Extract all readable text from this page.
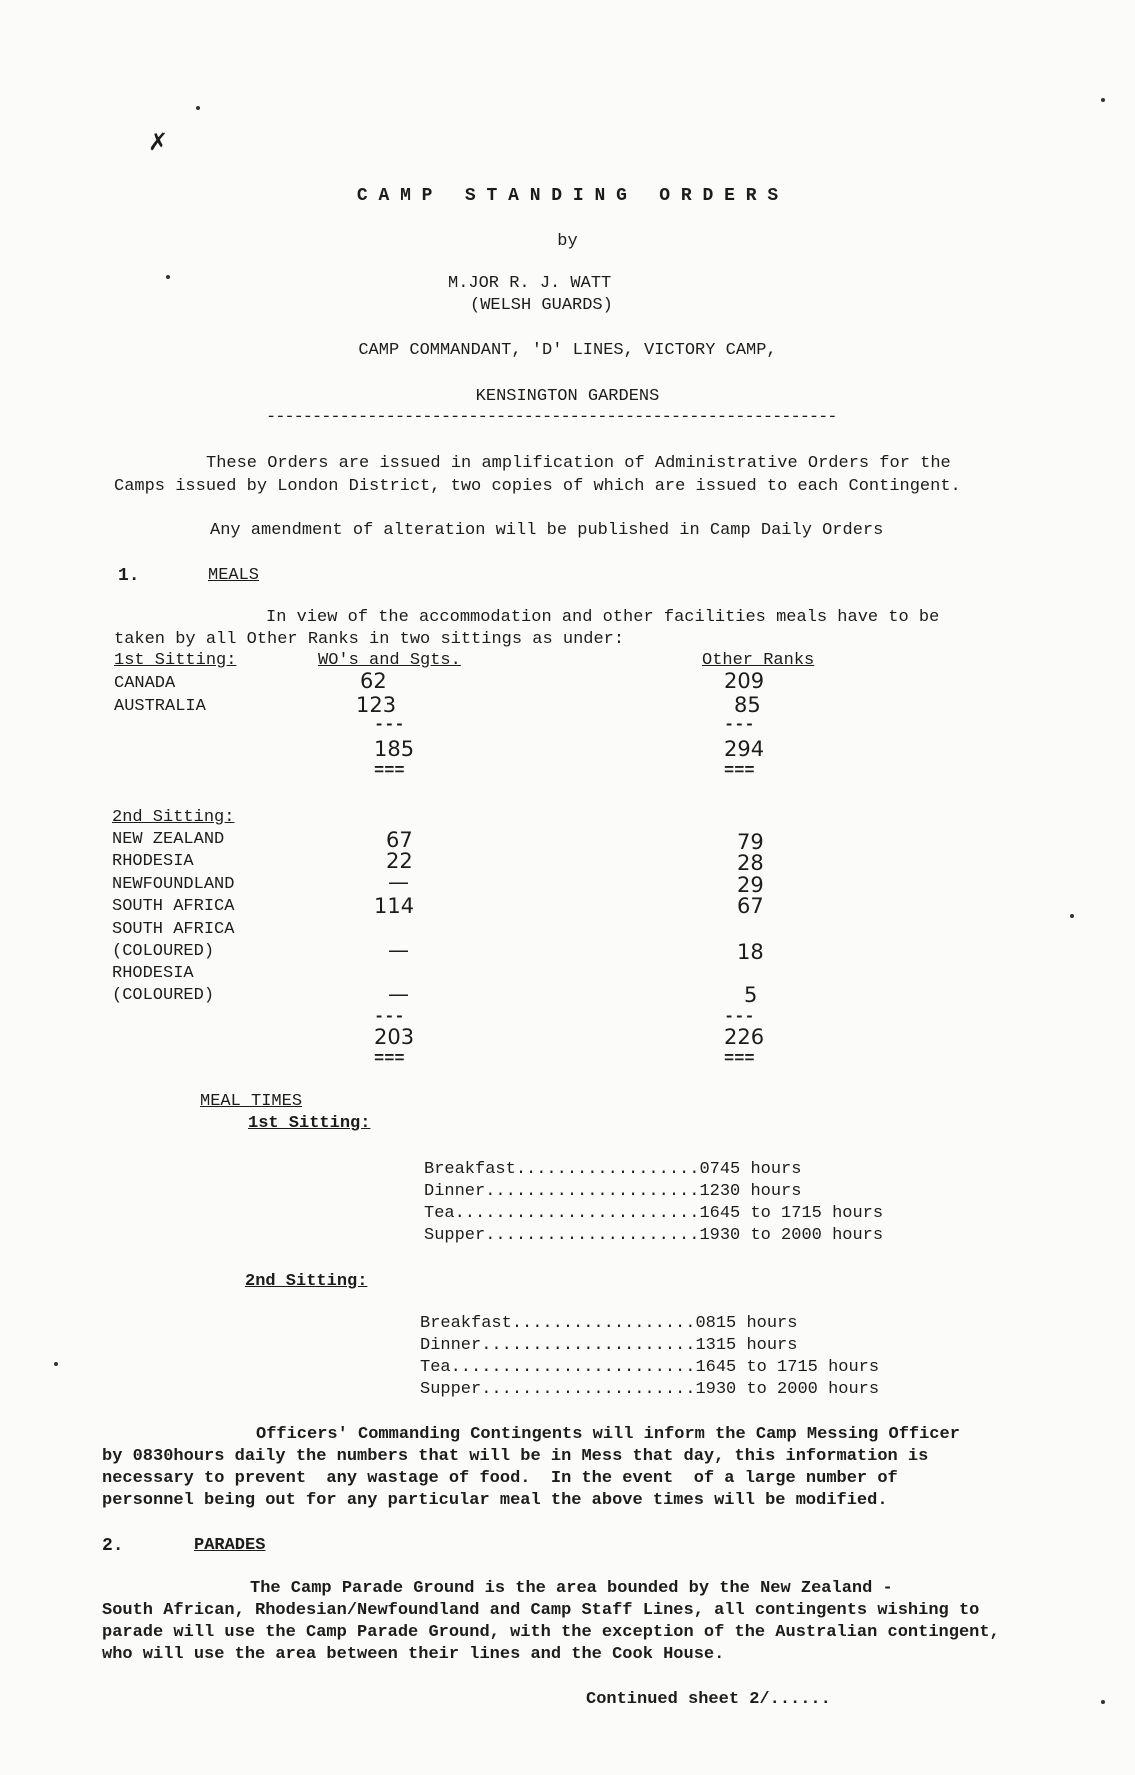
✗
C A M P   S T A N D I N G   O R D E R S
by
M.JOR R. J. WATT
(WELSH GUARDS)
CAMP COMMANDANT, 'D' LINES, VICTORY CAMP,
KENSINGTON GARDENS
--------------------------------------------------------------
These Orders are issued in amplification of Administrative Orders for the
Camps issued by London District, two copies of which are issued to each Contingent.
Any amendment of alteration will be published in Camp Daily Orders
1.	MEALS
In view of the accommodation and other facilities meals have to be
taken by all Other Ranks in two sittings as under:
1st Sitting:	WO's and Sgts.	Other Ranks
CANADA	62	209
AUSTRALIA	123	85
---	---
185	294
===	===
2nd Sitting:
NEW ZEALAND	67	79
RHODESIA	22	28
NEWFOUNDLAND	—	29
SOUTH AFRICA	114	67
SOUTH AFRICA
(COLOURED)	—	18
RHODESIA
(COLOURED)	—	5
---	---
203	226
===	===
MEAL TIMES
1st Sitting:
Breakfast..................0745 hours
Dinner.....................1230 hours
Tea........................1645 to 1715 hours
Supper.....................1930 to 2000 hours
2nd Sitting:
Breakfast..................0815 hours
Dinner.....................1315 hours
Tea........................1645 to 1715 hours
Supper.....................1930 to 2000 hours
Officers' Commanding Contingents will inform the Camp Messing Officer
by 0830hours daily the numbers that will be in Mess that day, this information is
necessary to prevent  any wastage of food.  In the event  of a large number of
personnel being out for any particular meal the above times will be modified.
2.	PARADES
The Camp Parade Ground is the area bounded by the New Zealand -
South African, Rhodesian/Newfoundland and Camp Staff Lines, all contingents wishing to
parade will use the Camp Parade Ground, with the exception of the Australian contingent,
who will use the area between their lines and the Cook House.
Continued sheet 2/......
